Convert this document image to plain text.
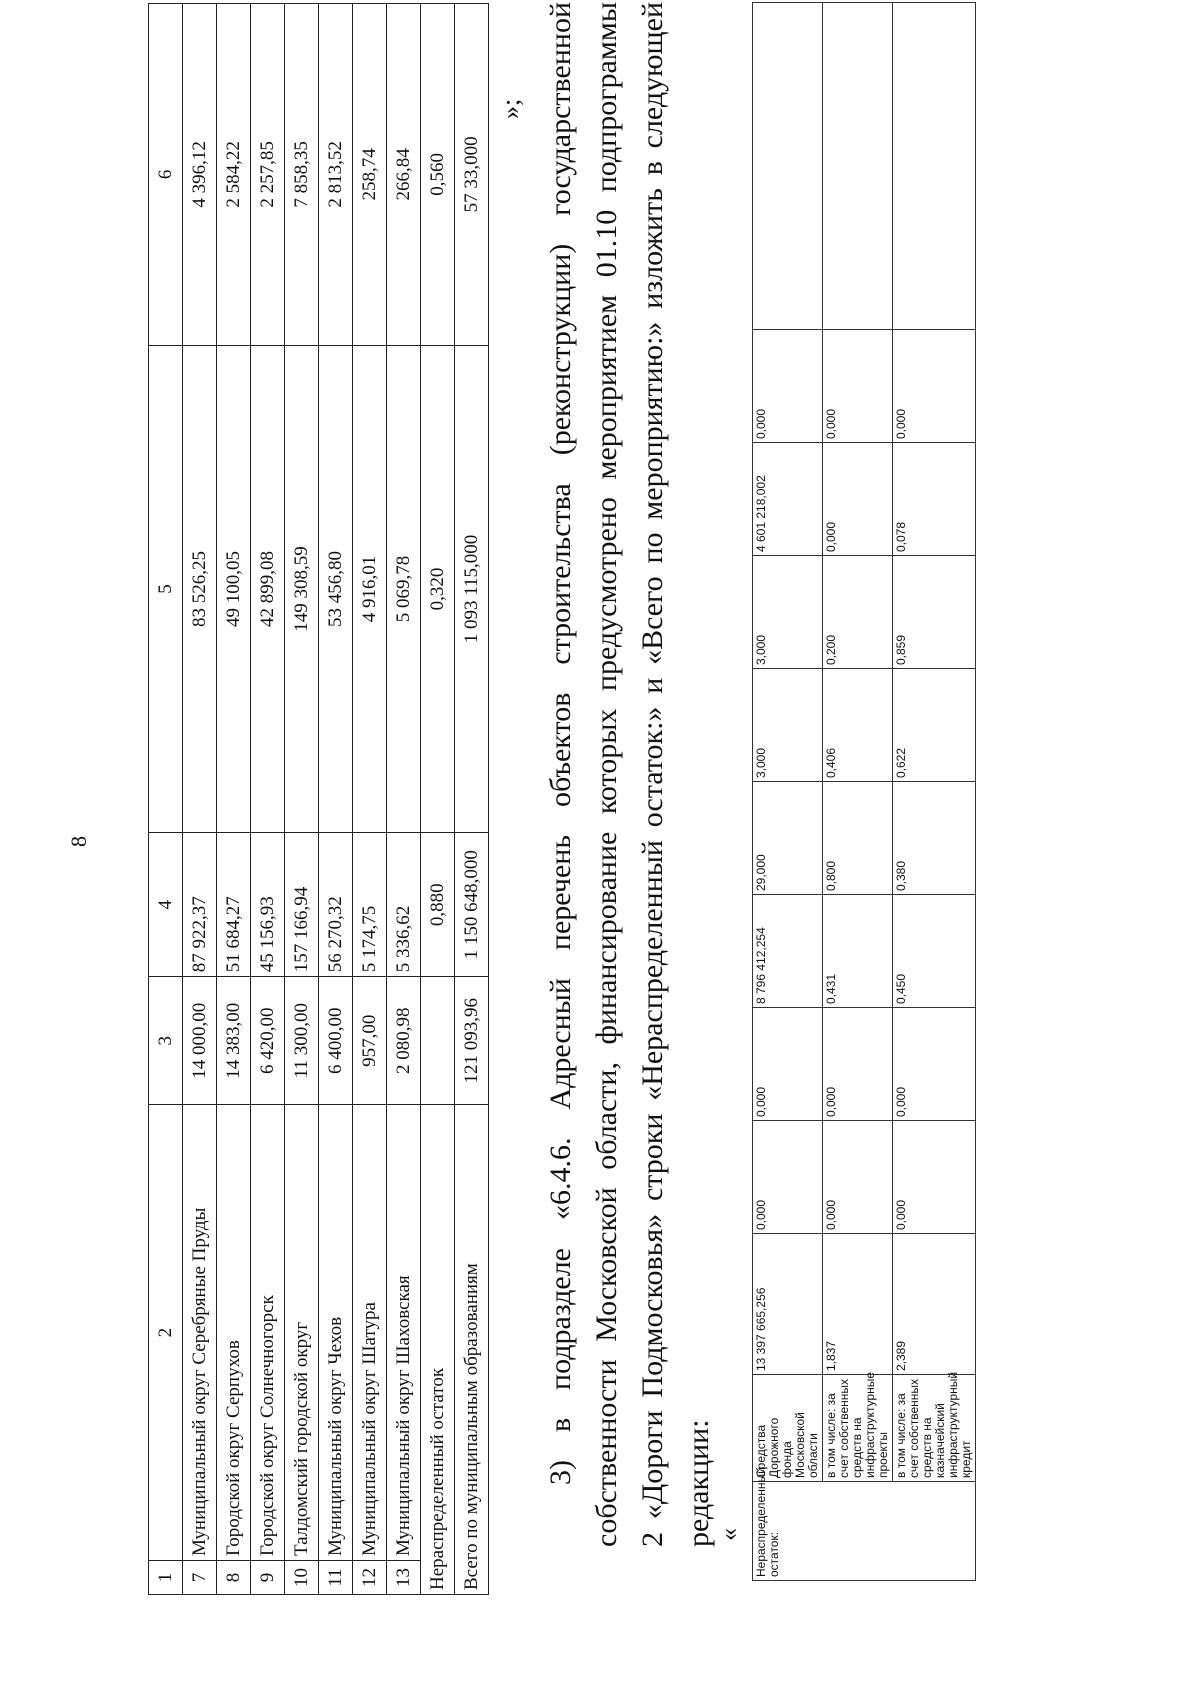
8
1	2	3	4	5	6
7	Муниципальный округ Серебряные Пруды	14 000,00	87 922,37	83 526,25	4 396,12
8	Городской округ Серпухов	14 383,00	51 684,27	49 100,05	2 584,22
9	Городской округ Солнечногорск	6 420,00	45 156,93	42 899,08	2 257,85
10	Талдомский городской округ	11 300,00	157 166,94	149 308,59	7 858,35
11	Муниципальный округ Чехов	6 400,00	56 270,32	53 456,80	2 813,52
12	Муниципальный округ Шатура	957,00	5 174,75	4 916,01	258,74
13	Муниципальный округ Шаховская	2 080,98	5 336,62	5 069,78	266,84
Нераспределенный остаток			0,880	0,320	0,560
Всего по муниципальным образованиям		121 093,96	1 150 648,000	1 093 115,000	57 33,000
»; 3) в подразделе «6.4.6. Адресный перечень объектов строительства (реконструкции) государственной собственности Московской области, финансирование которых предусмотрено мероприятием 01.10 подпрограммы 2 «Дороги Подмосковья» строки «Нераспределенный остаток:» и «Всего по мероприятию:» изложить в следующей редакции: « Нераспределенный остаток:	Средства Дорожного фонда Московской области	13 397 665,256	0,000	0,000	8 796 412,254	29,000	3,000	3,000	4 601 218,002	0,000	
	в том числе: за счет собственных средств на инфраструктурные проекты	1,837	0,000	0,000	0,431	0,800	0,406	0,200	0,000	0,000	
	в том числе: за счет собственных средств на казначейский инфраструктурный кредит	2,389	0,000	0,000	0,450	0,380	0,622	0,859	0,078	0,000	
